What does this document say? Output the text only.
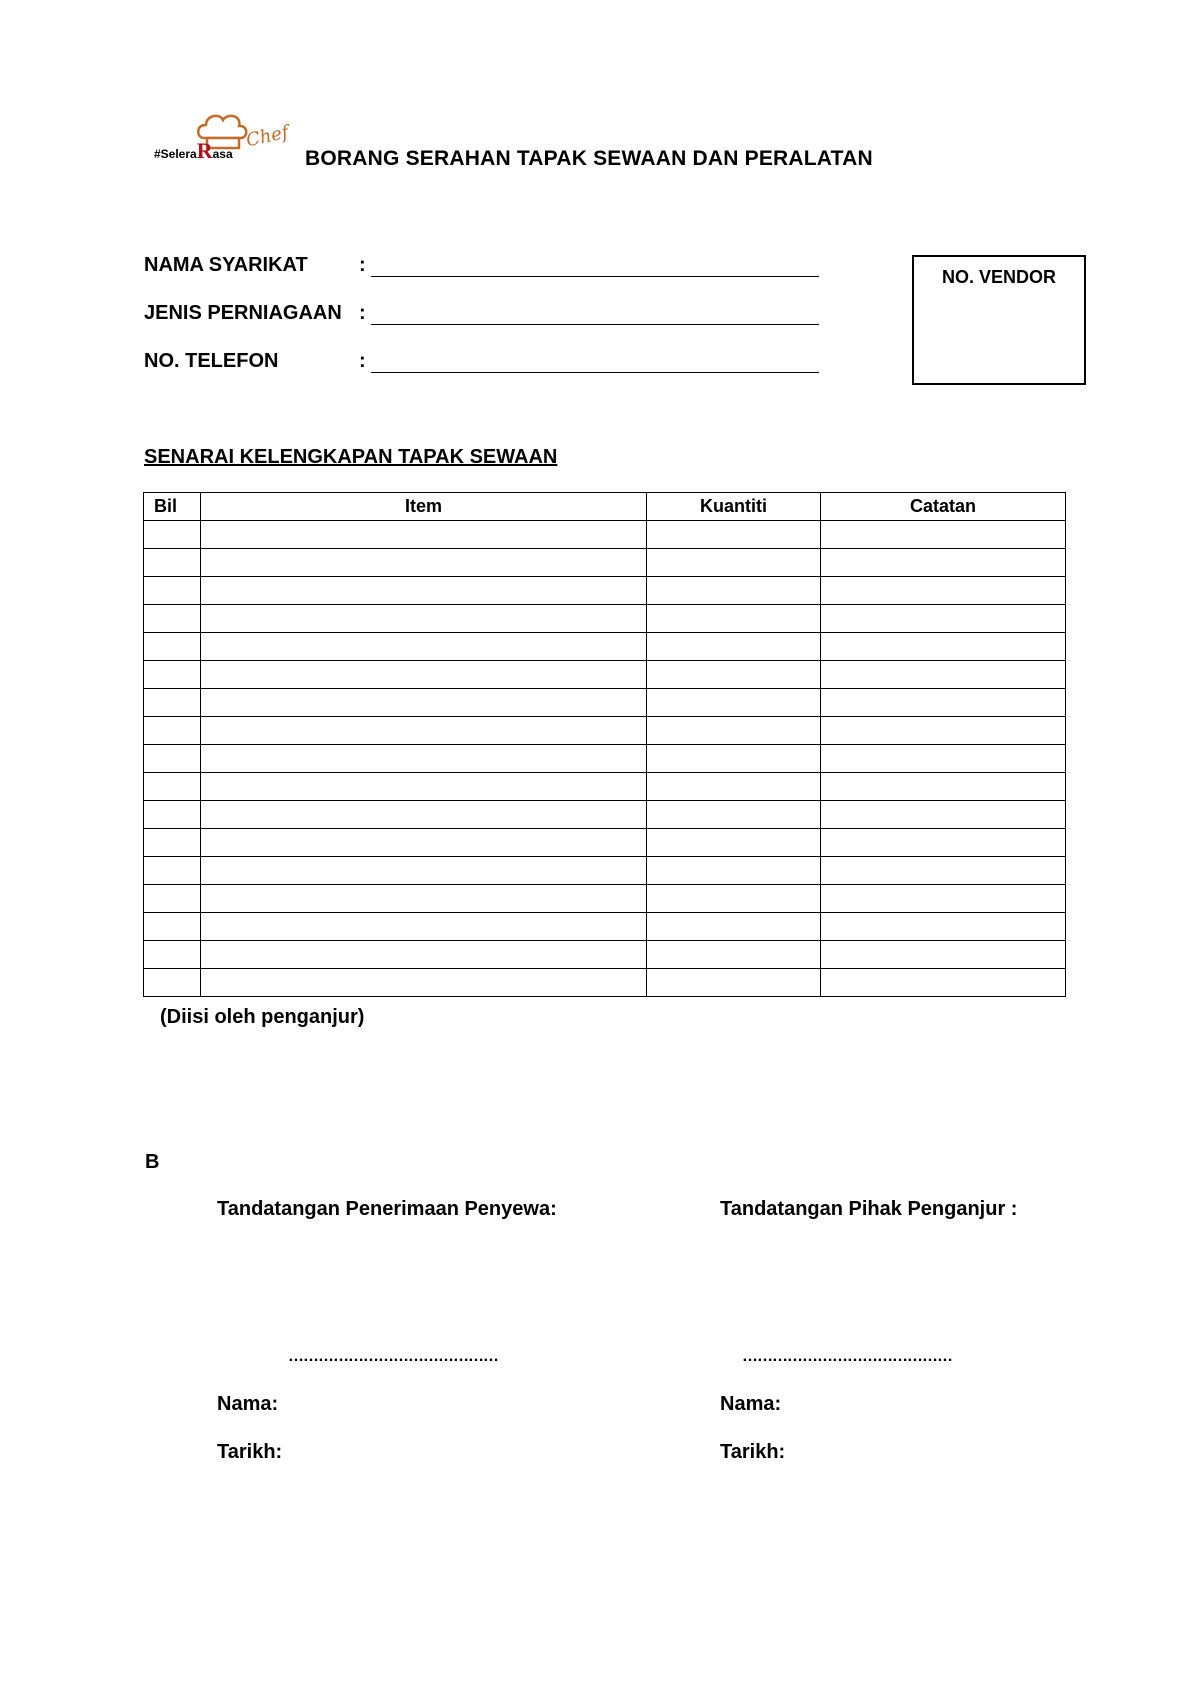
Chef
#SeleraRasa	BORANG SERAHAN TAPAK SEWAAN DAN PERALATAN
NAMA SYARIKAT	:
JENIS PERNIAGAAN :
NO. TELEFON	:
NO. VENDOR
SENARAI KELENGKAPAN TAPAK SEWAAN
Bil	Item	Kuantiti	Catatan

(Diisi oleh penganjur)
B
Tandatangan Penerimaan Penyewa:	Tandatangan Pihak Penganjur :
……………………………………	……………………………………
Nama:	Nama:
Tarikh:	Tarikh:
